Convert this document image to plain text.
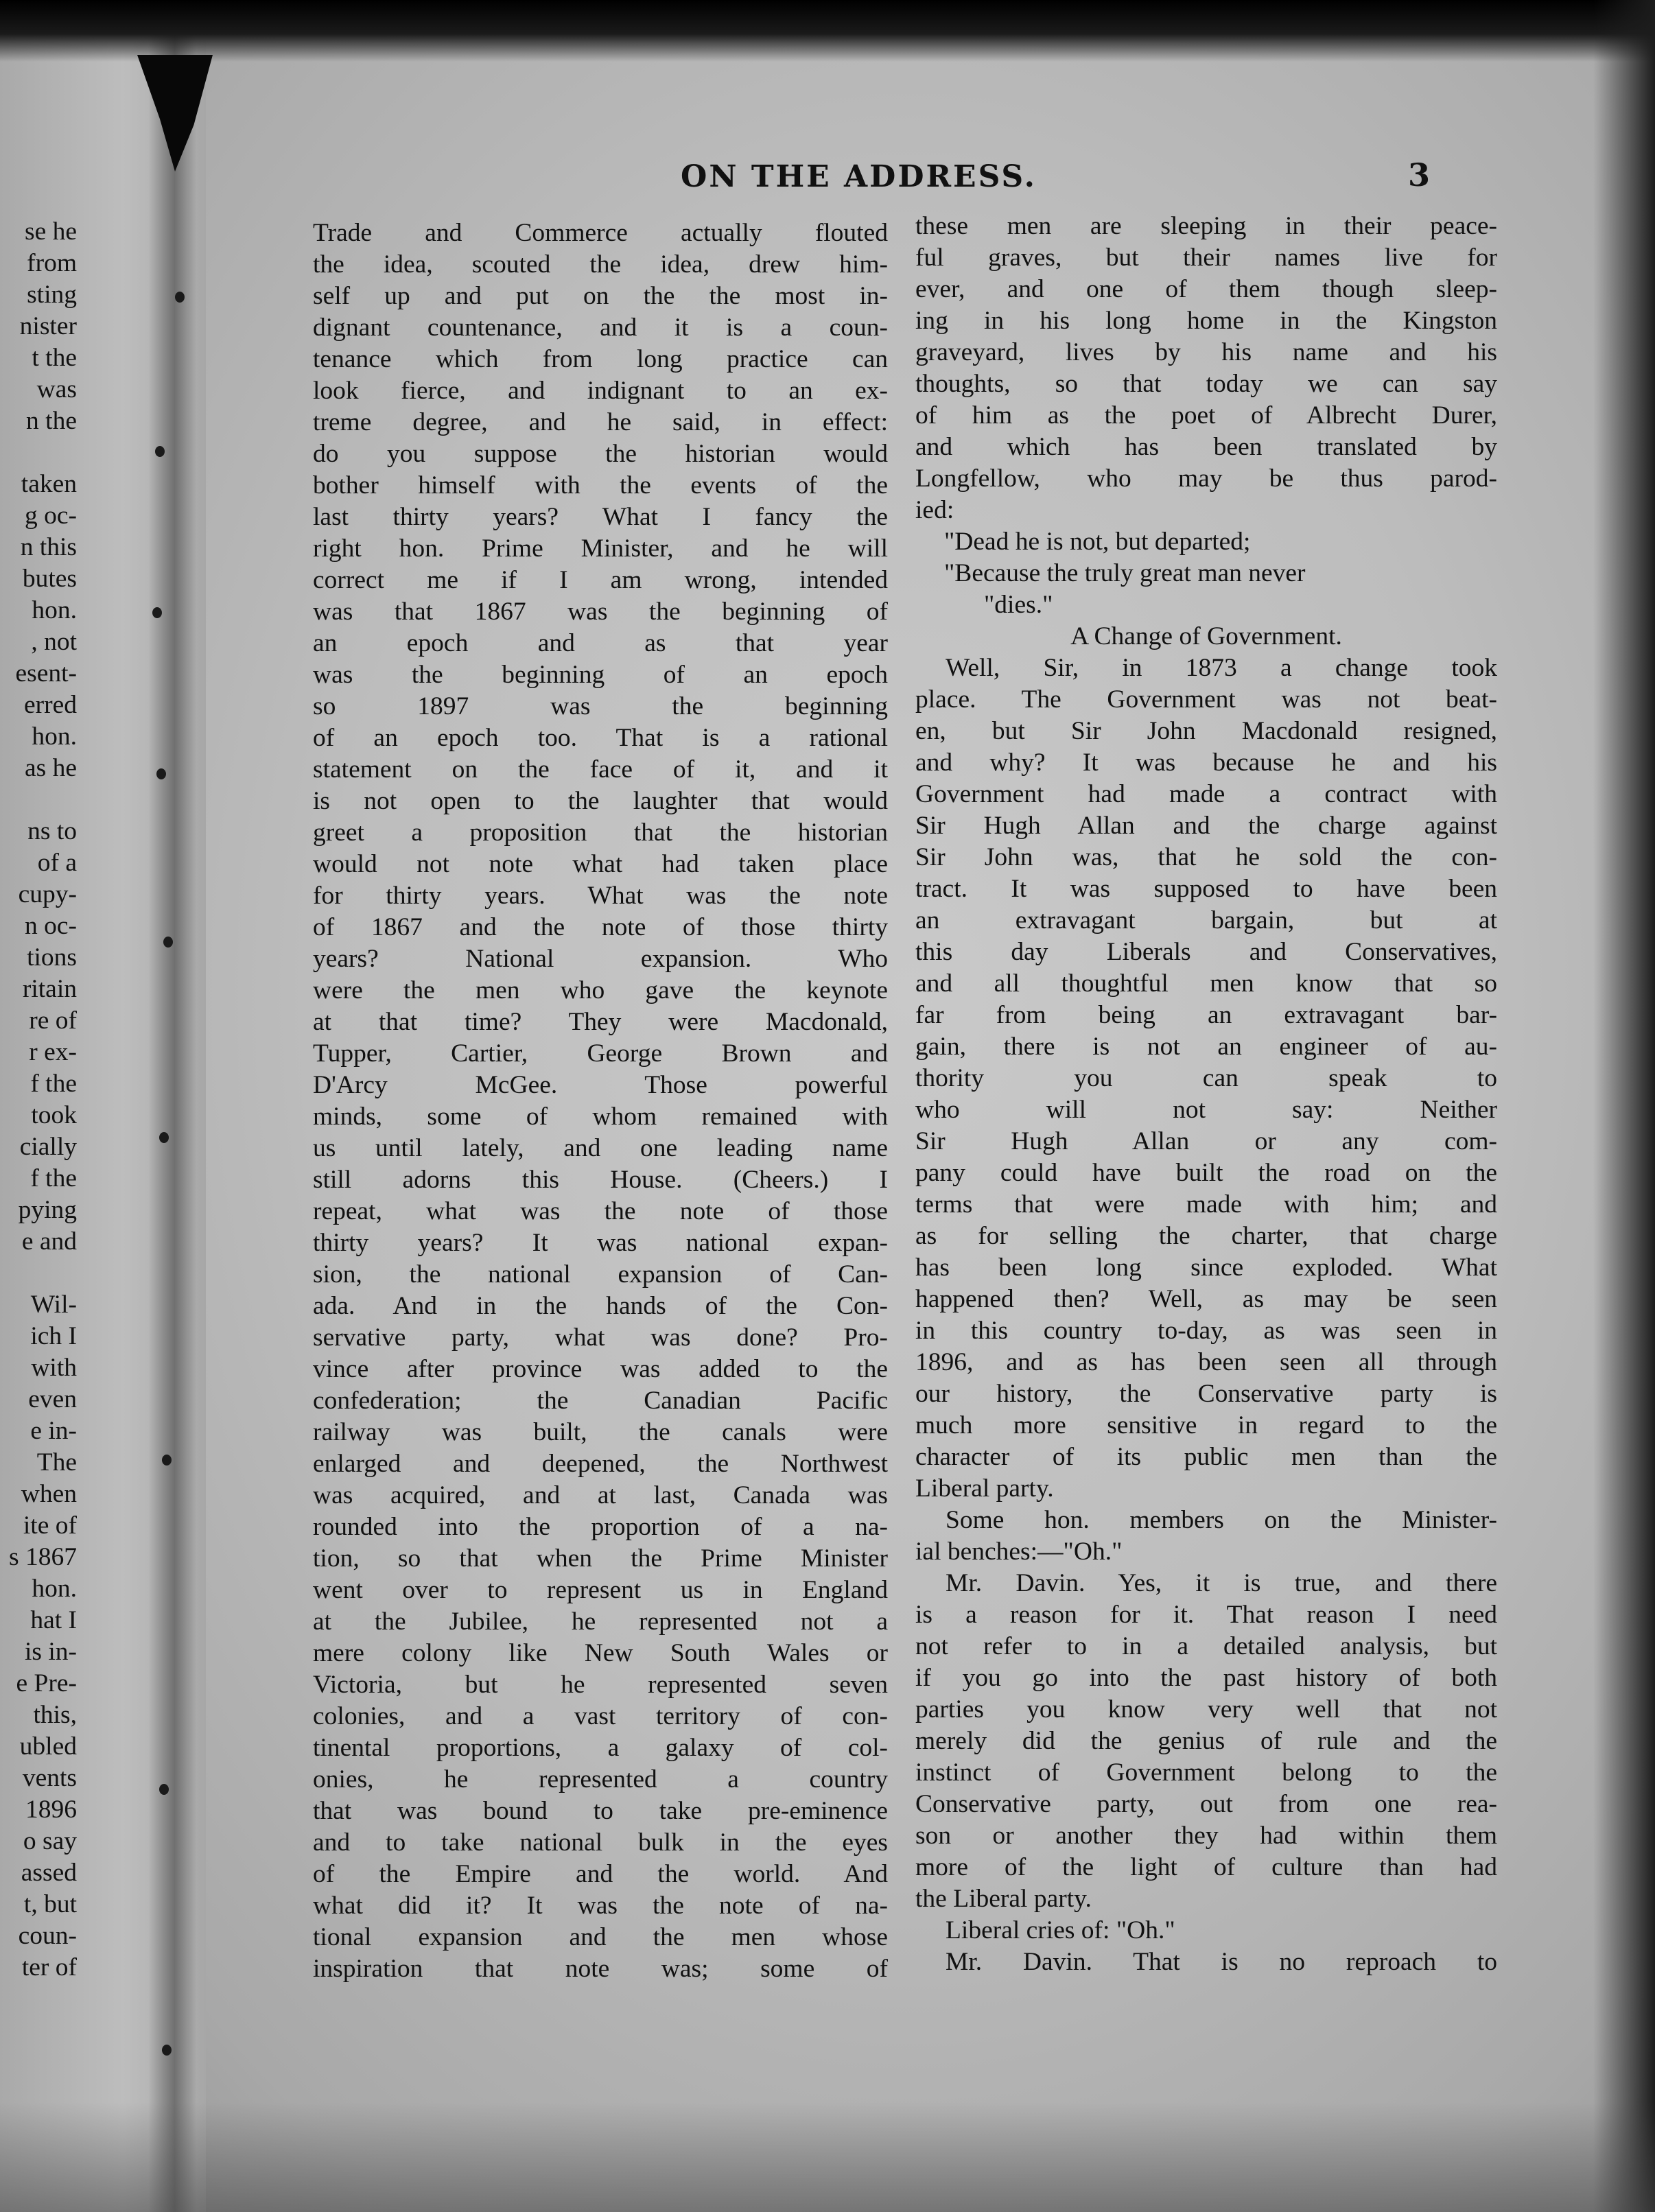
ON THE ADDRESS.	3
se he
from
sting
nister
t the
was
n the

taken
g oc-
n this
butes
hon.
, not
esent-
erred
hon.
as he

ns to
of a
cupy-
n oc-
tions
ritain
re of
r ex-
f the
took
cially
f the
pying
e and

Wil-
ich I
with
even
e in-
The
when
ite of
s 1867
hon.
hat I
is in-
e Pre-
this,
ubled
vents
1896
o say
assed
t, but
coun-
ter of
Trade and Commerce actually flouted
the idea, scouted the idea, drew him-
self up and put on the the most in-
dignant countenance, and it is a coun-
tenance which from long practice can
look fierce, and indignant to an ex-
treme degree, and he said, in effect:
do you suppose the historian would
bother himself with the events of the
last thirty years? What I fancy the
right hon. Prime Minister, and he will
correct me if I am wrong, intended
was that 1867 was the beginning of
an epoch and as that year
was the beginning of an epoch
so 1897 was the beginning
of an epoch too. That is a rational
statement on the face of it, and it
is not open to the laughter that would
greet a proposition that the historian
would not note what had taken place
for thirty years. What was the note
of 1867 and the note of those thirty
years? National expansion. Who
were the men who gave the keynote
at that time? They were Macdonald,
Tupper, Cartier, George Brown and
D'Arcy McGee. Those powerful
minds, some of whom remained with
us until lately, and one leading name
still adorns this House. (Cheers.) I
repeat, what was the note of those
thirty years? It was national expan-
sion, the national expansion of Can-
ada. And in the hands of the Con-
servative party, what was done? Pro-
vince after province was added to the
confederation; the Canadian Pacific
railway was built, the canals were
enlarged and deepened, the Northwest
was acquired, and at last, Canada was
rounded into the proportion of a na-
tion, so that when the Prime Minister
went over to represent us in England
at the Jubilee, he represented not a
mere colony like New South Wales or
Victoria, but he represented seven
colonies, and a vast territory of con-
tinental proportions, a galaxy of col-
onies, he represented a country
that was bound to take pre-eminence
and to take national bulk in the eyes
of the Empire and the world. And
what did it? It was the note of na-
tional expansion and the men whose
inspiration that note was; some of
these men are sleeping in their peace-
ful graves, but their names live for
ever, and one of them though sleep-
ing in his long home in the Kingston
graveyard, lives by his name and his
thoughts, so that today we can say
of him as the poet of Albrecht Durer,
and which has been translated by
Longfellow, who may be thus parod-
ied:
"Dead he is not, but departed;
"Because the truly great man never
"dies."
A Change of Government.
Well, Sir, in 1873 a change took
place. The Government was not beat-
en, but Sir John Macdonald resigned,
and why? It was because he and his
Government had made a contract with
Sir Hugh Allan and the charge against
Sir John was, that he sold the con-
tract. It was supposed to have been
an extravagant bargain, but at
this day Liberals and Conservatives,
and all thoughtful men know that so
far from being an extravagant bar-
gain, there is not an engineer of au-
thority you can speak to
who will not say: Neither
Sir Hugh Allan or any com-
pany could have built the road on the
terms that were made with him; and
as for selling the charter, that charge
has been long since exploded. What
happened then? Well, as may be seen
in this country to-day, as was seen in
1896, and as has been seen all through
our history, the Conservative party is
much more sensitive in regard to the
character of its public men than the
Liberal party.
Some hon. members on the Minister-
ial benches:—"Oh."
Mr. Davin. Yes, it is true, and there
is a reason for it. That reason I need
not refer to in a detailed analysis, but
if you go into the past history of both
parties you know very well that not
merely did the genius of rule and the
instinct of Government belong to the
Conservative party, out from one rea-
son or another they had within them
more of the light of culture than had
the Liberal party.
Liberal cries of: "Oh."
Mr. Davin. That is no reproach to
